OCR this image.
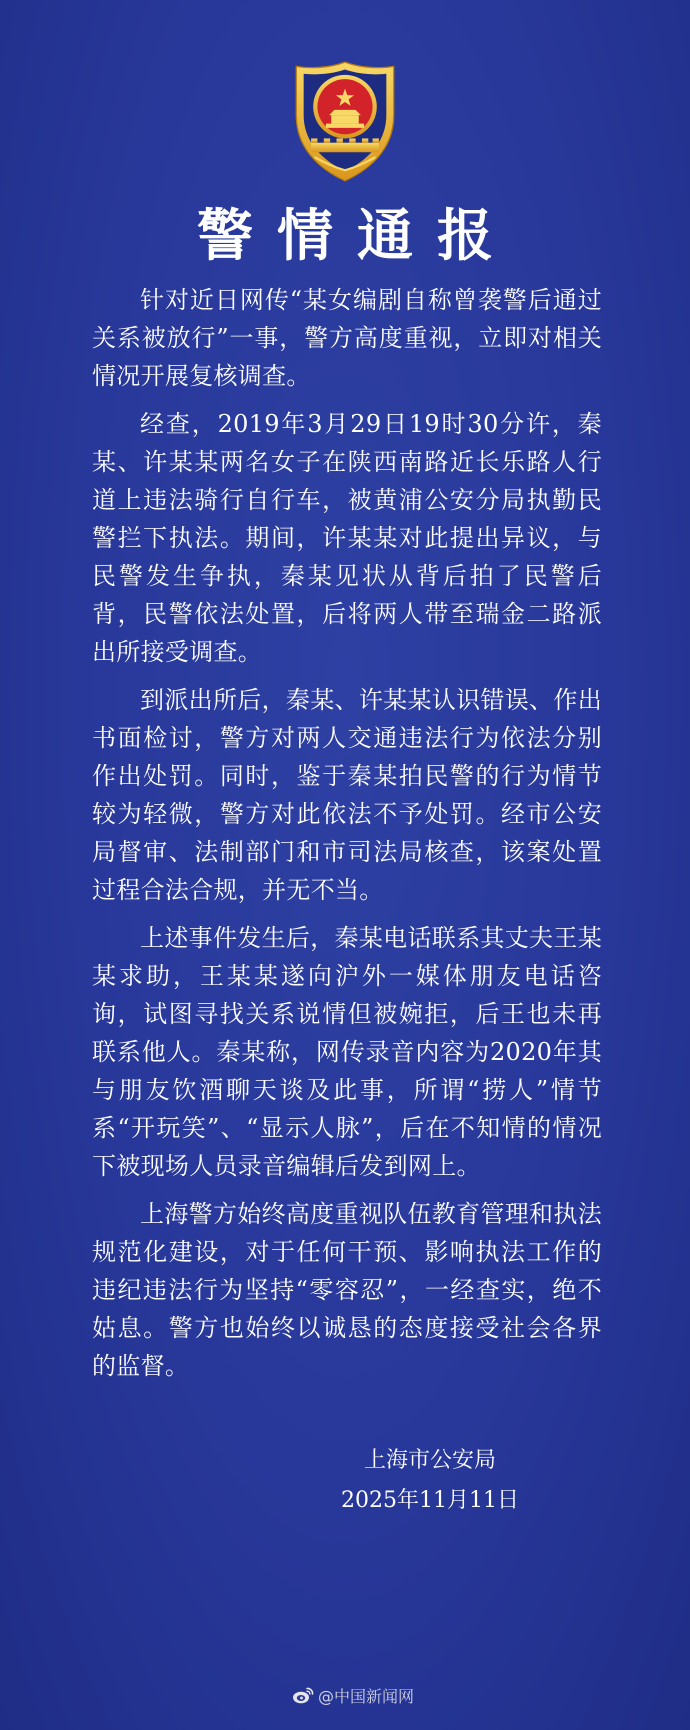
警情通报

针对近日网传“某女编剧自称曾袭警后通过关系被放行”一事，警方高度重视，立即对相关情况开展复核调查。

经查，2019年3月29日19时30分许，秦某、许某某两名女子在陕西南路近长乐路人行道上违法骑行自行车，被黄浦公安分局执勤民警拦下执法。期间，许某某对此提出异议，与民警发生争执，秦某见状从背后拍了民警后背，民警依法处置，后将两人带至瑞金二路派出所接受调查。

到派出所后，秦某、许某某认识错误、作出书面检讨，警方对两人交通违法行为依法分别作出处罚。同时，鉴于秦某拍民警的行为情节较为轻微，警方对此依法不予处罚。经市公安局督审、法制部门和市司法局核查，该案处置过程合法合规，并无不当。

上述事件发生后，秦某电话联系其丈夫王某某求助，王某某遂向沪外一媒体朋友电话咨询，试图寻找关系说情但被婉拒，后王也未再联系他人。秦某称，网传录音内容为2020年其与朋友饮酒聊天谈及此事，所谓“捞人”情节系“开玩笑”、“显示人脉”，后在不知情的情况下被现场人员录音编辑后发到网上。

上海警方始终高度重视队伍教育管理和执法规范化建设，对于任何干预、影响执法工作的违纪违法行为坚持“零容忍”，一经查实，绝不姑息。警方也始终以诚恳的态度接受社会各界的监督。

上海市公安局
2025年11月11日
@中国新闻网
